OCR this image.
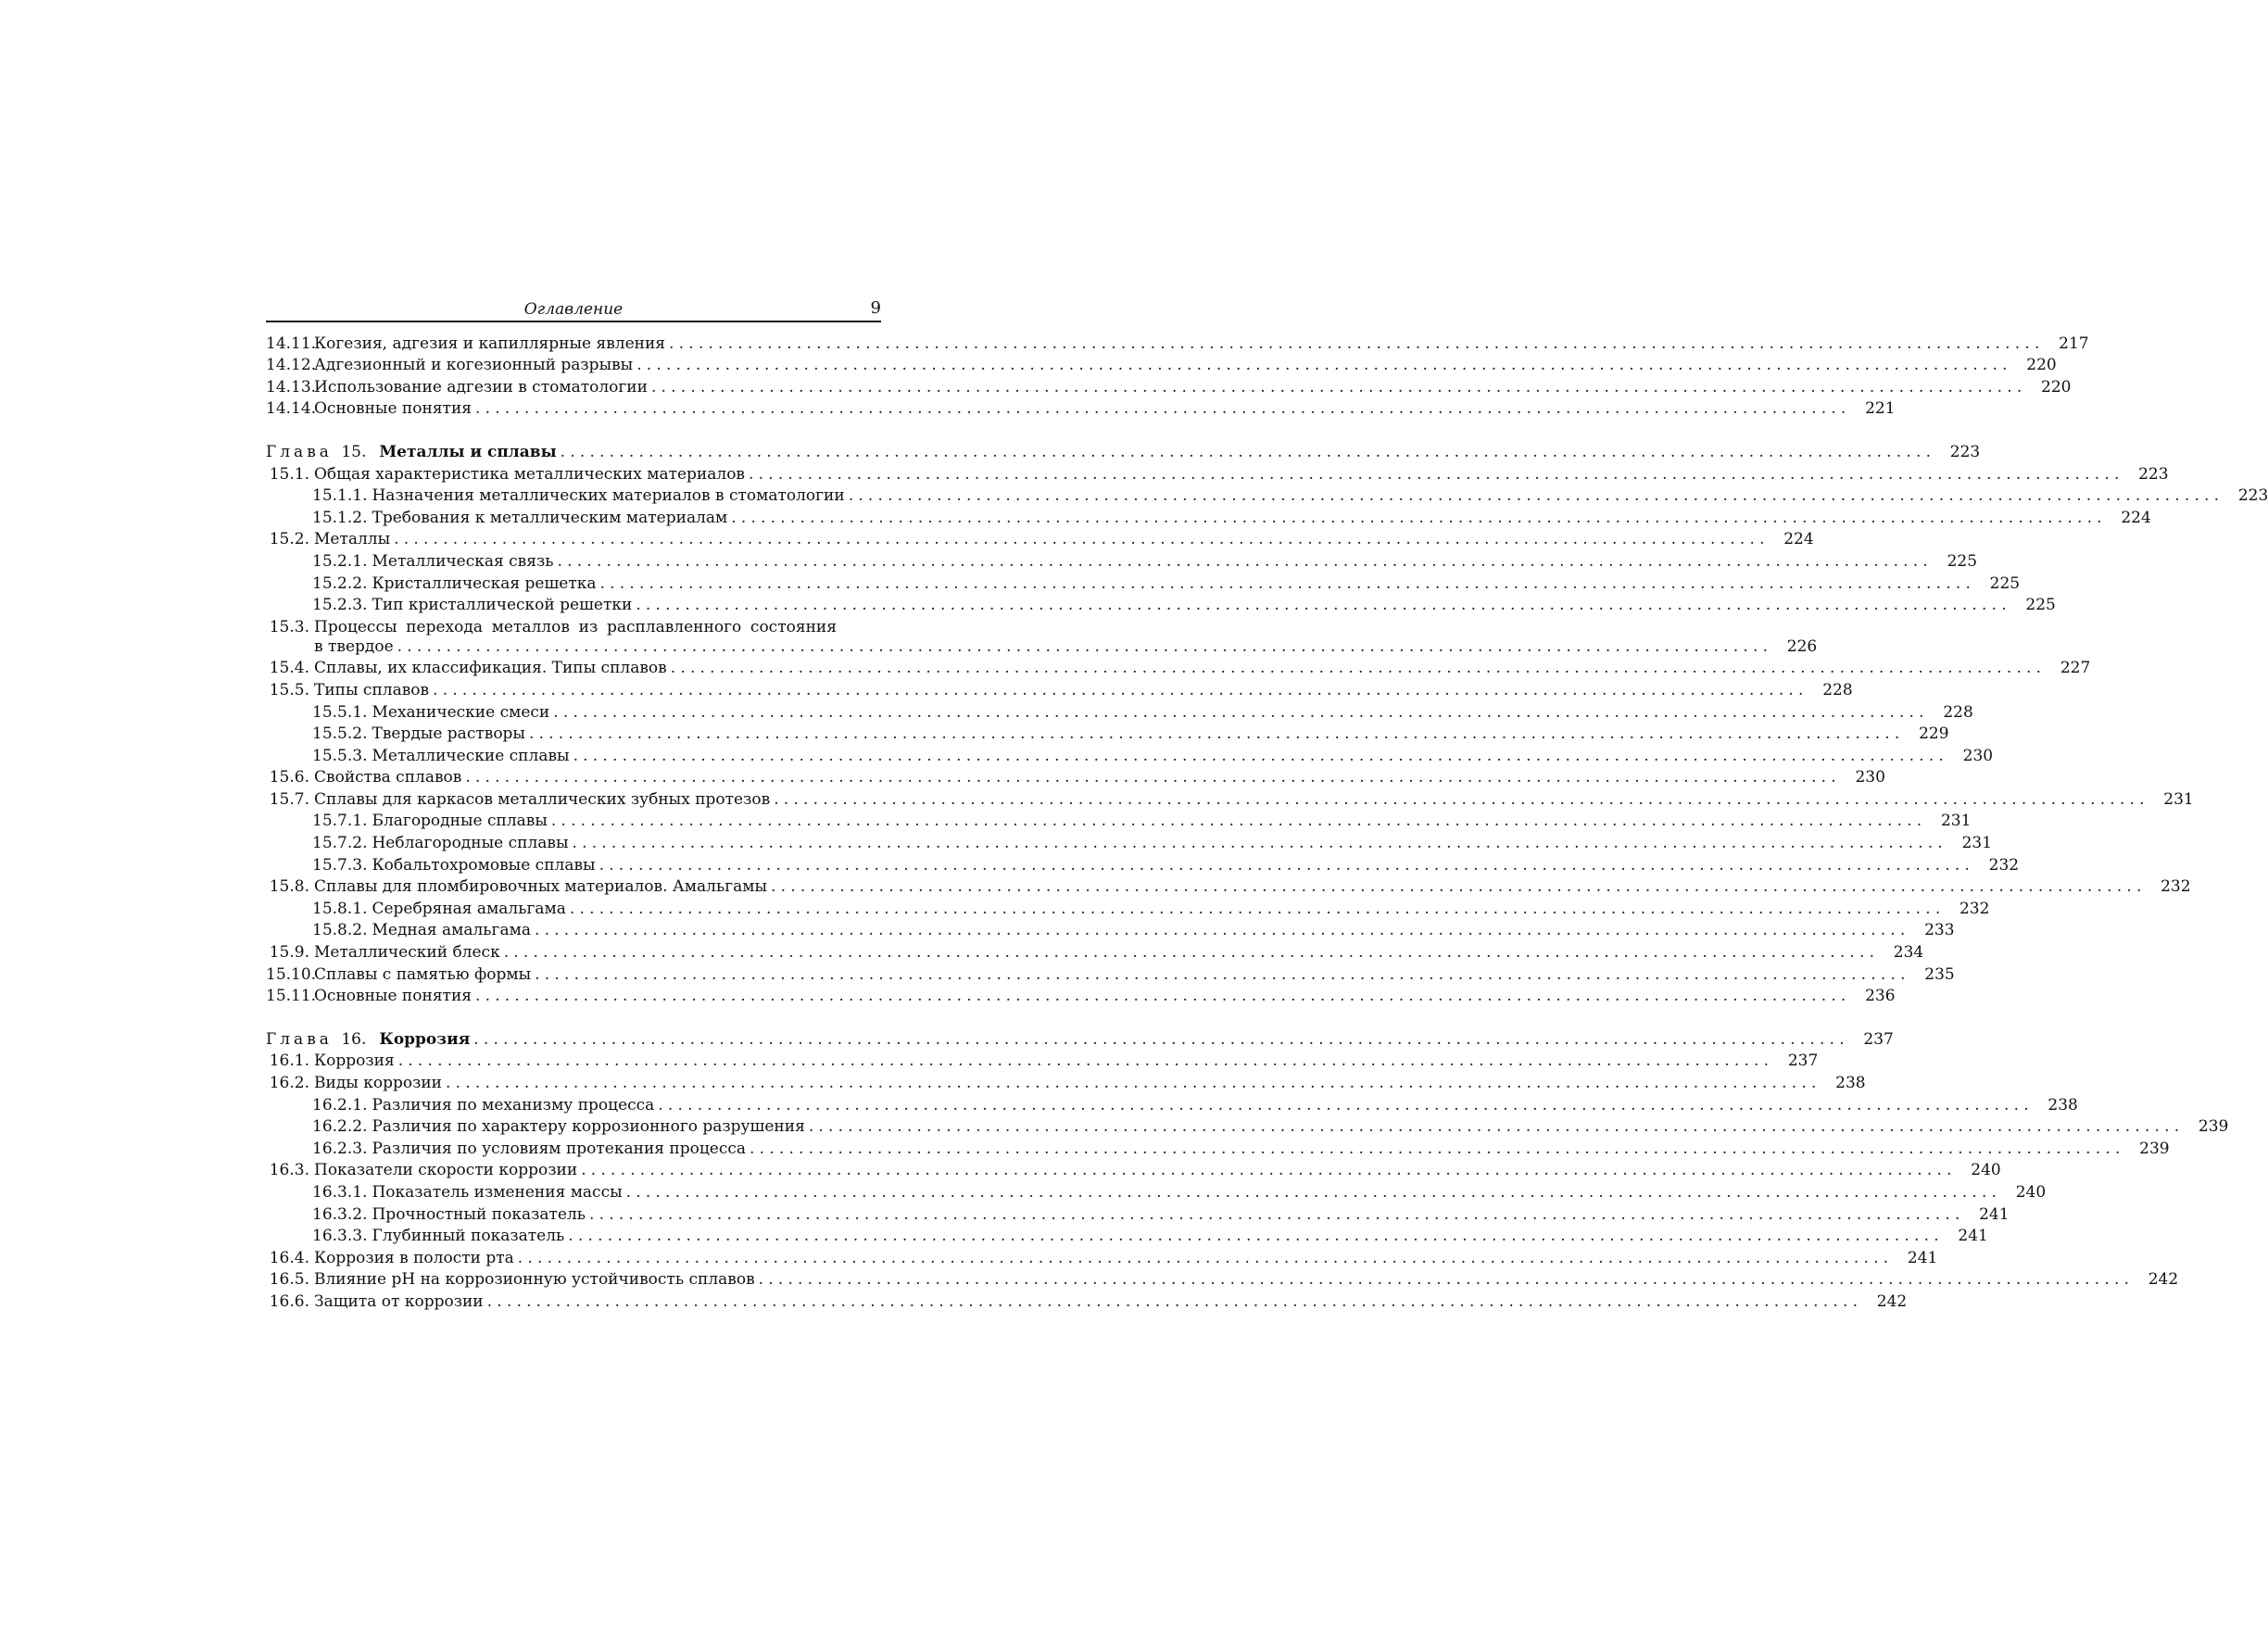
Оглавление	9
14.11.
Когезия, адгезия и капиллярные явления ............................................................................................................................................ 217
14.12.
Адгезионный и когезионный разрывы ............................................................................................................................................ 220
14.13.
Использование адгезии в стоматологии ............................................................................................................................................ 220
14.14.
Основные понятия ............................................................................................................................................ 221
Глава 15. Металлы и сплавы ............................................................................................................................................ 223
15.1. Общая характеристика металлических материалов ............................................................................................................................................ 223
15.1.1. Назначения металлических материалов в стоматологии ............................................................................................................................................ 223
15.1.2. Требования к металлическим материалам ............................................................................................................................................ 224
15.2. Металлы ............................................................................................................................................ 224
15.2.1. Металлическая связь ............................................................................................................................................ 225
15.2.2. Кристаллическая решетка ............................................................................................................................................ 225
15.2.3. Тип кристаллической решетки ............................................................................................................................................ 225
15.3. Процессы перехода металлов из расплавленного состояния
в твердое ............................................................................................................................................ 226
15.4. Сплавы, их классификация. Типы сплавов ............................................................................................................................................ 227
15.5. Типы сплавов ............................................................................................................................................ 228
15.5.1. Механические смеси ............................................................................................................................................ 228
15.5.2. Твердые растворы ............................................................................................................................................ 229
15.5.3. Металлические сплавы ............................................................................................................................................ 230
15.6. Свойства сплавов ............................................................................................................................................ 230
15.7. Сплавы для каркасов металлических зубных протезов ............................................................................................................................................ 231
15.7.1. Благородные сплавы ............................................................................................................................................ 231
15.7.2. Неблагородные сплавы ............................................................................................................................................ 231
15.7.3. Кобальтохромовые сплавы ............................................................................................................................................ 232
15.8. Сплавы для пломбировочных материалов. Амальгамы ............................................................................................................................................ 232
15.8.1. Серебряная амальгама ............................................................................................................................................ 232
15.8.2. Медная амальгама ............................................................................................................................................ 233
15.9. Металлический блеск ............................................................................................................................................ 234
15.10.
Сплавы с памятью формы ............................................................................................................................................ 235
15.11.
Основные понятия ............................................................................................................................................ 236
Глава 16. Коррозия ............................................................................................................................................ 237
16.1. Коррозия ............................................................................................................................................ 237
16.2. Виды коррозии ............................................................................................................................................ 238
16.2.1. Различия по механизму процесса ............................................................................................................................................ 238
16.2.2. Различия по характеру коррозионного разрушения ............................................................................................................................................ 239
16.2.3. Различия по условиям протекания процесса ............................................................................................................................................ 239
16.3. Показатели скорости коррозии ............................................................................................................................................ 240
16.3.1. Показатель изменения массы ............................................................................................................................................ 240
16.3.2. Прочностный показатель ............................................................................................................................................ 241
16.3.3. Глубинный показатель ............................................................................................................................................ 241
16.4. Коррозия в полости рта ............................................................................................................................................ 241
16.5. Влияние pH на коррозионную устойчивость сплавов ............................................................................................................................................ 242
16.6. Защита от коррозии ............................................................................................................................................ 242
